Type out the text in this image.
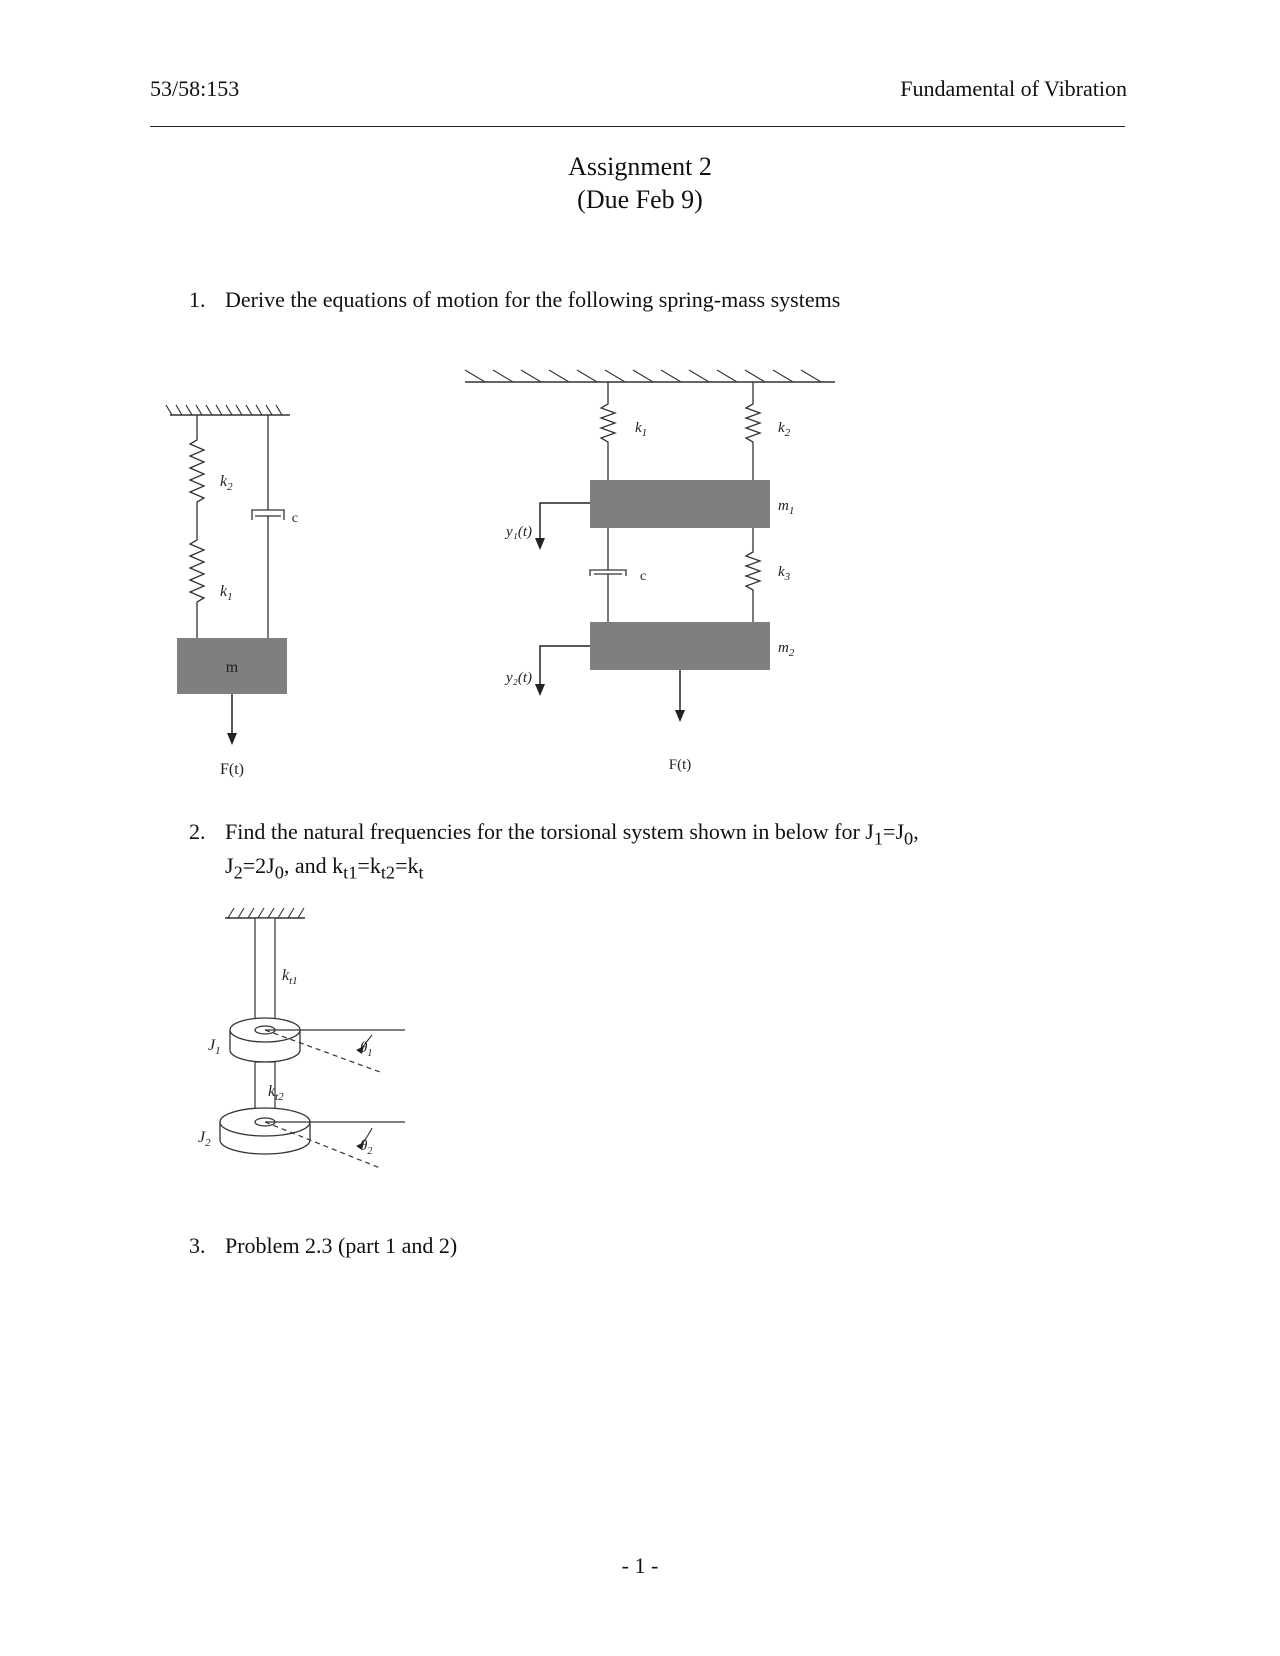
53/58:153	Fundamental of Vibration
Assignment 2
(Due Feb 9)
1. Derive the equations of motion for the following spring-mass systems
$k_2$
$k_1$
c
m
F(t)
$k_1$	$k_2$
$m_1$
y₁(t)
c	$k_3$
$m_2$
y₂(t)
F(t)
2. Find the natural frequencies for the torsional system shown in below for $J_1=J_0$,
$J_2=2J_0$, and $k_{t1}=k_{t2}=k_t$
$k_{t1}$
$\theta_1$
$J_1$
$k_{t2}$
$\theta_2$
$J_2$
3. Problem 2.3 (part 1 and 2)
- 1 -
